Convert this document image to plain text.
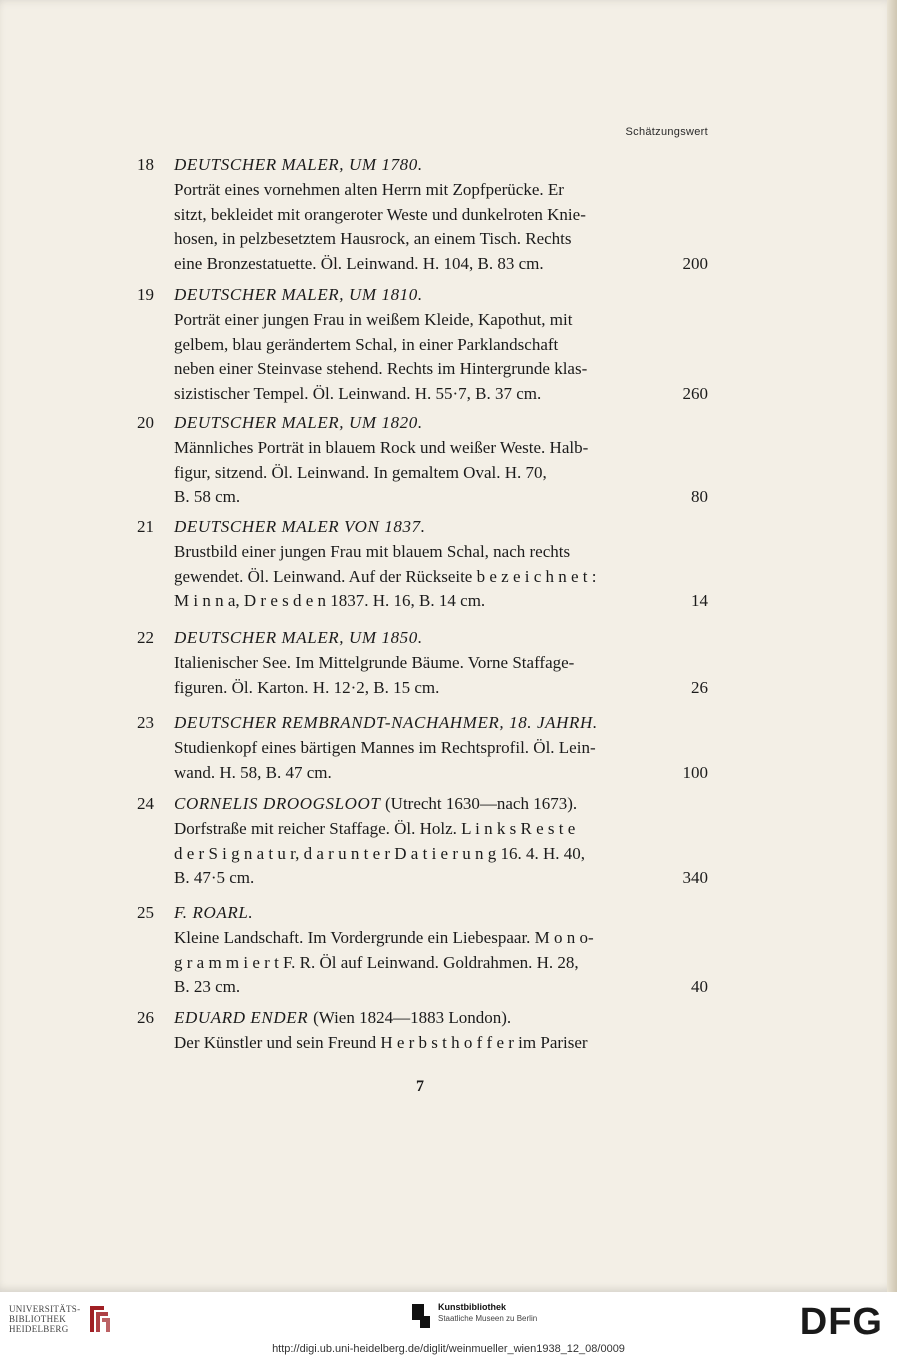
Schätzungswert
18	DEUTSCHER MALER, UM 1780.
Porträt eines vornehmen alten Herrn mit Zopfperücke. Er
sitzt, bekleidet mit orangeroter Weste und dunkelroten Knie-
hosen, in pelzbesetztem Hausrock, an einem Tisch. Rechts
eine Bronzestatuette. Öl. Leinwand. H. 104, B. 83 cm.	200
19	DEUTSCHER MALER, UM 1810.
Porträt einer jungen Frau in weißem Kleide, Kapothut, mit
gelbem, blau gerändertem Schal, in einer Parklandschaft
neben einer Steinvase stehend. Rechts im Hintergrunde klas-
sizistischer Tempel. Öl. Leinwand. H. 55·7, B. 37 cm.	260
20	DEUTSCHER MALER, UM 1820.
Männliches Porträt in blauem Rock und weißer Weste. Halb-
figur, sitzend. Öl. Leinwand. In gemaltem Oval. H. 70,
B. 58 cm.	80
21	DEUTSCHER MALER VON 1837.
Brustbild einer jungen Frau mit blauem Schal, nach rechts
gewendet. Öl. Leinwand. Auf der Rückseite b e z e i c h n e t :
M i n n a, D r e s d e n 1837. H. 16, B. 14 cm.	14
22	DEUTSCHER MALER, UM 1850.
Italienischer See. Im Mittelgrunde Bäume. Vorne Staffage-
figuren. Öl. Karton. H. 12·2, B. 15 cm.	26
23	DEUTSCHER REMBRANDT-NACHAHMER, 18. JAHRH.
Studienkopf eines bärtigen Mannes im Rechtsprofil. Öl. Lein-
wand. H. 58, B. 47 cm.	100
24	CORNELIS DROOGSLOOT (Utrecht 1630—nach 1673).
Dorfstraße mit reicher Staffage. Öl. Holz. L i n k s R e s t e
d e r S i g n a t u r, d a r u n t e r D a t i e r u n g 16. 4. H. 40,
B. 47·5 cm.	340
25	F. ROARL.
Kleine Landschaft. Im Vordergrunde ein Liebespaar. M o n o-
g r a m m i e r t F. R. Öl auf Leinwand. Goldrahmen. H. 28,
B. 23 cm.	40
26	EDUARD ENDER (Wien 1824—1883 London).
Der Künstler und sein Freund H e r b s t h o f f e r im Pariser
7
UNIVERSITÄTS-
BIBLIOTHEK
HEIDELBERG
Kunstbibliothek
Staatliche Museen zu Berlin	DFG
http://digi.ub.uni-heidelberg.de/diglit/weinmueller_wien1938_12_08/0009
